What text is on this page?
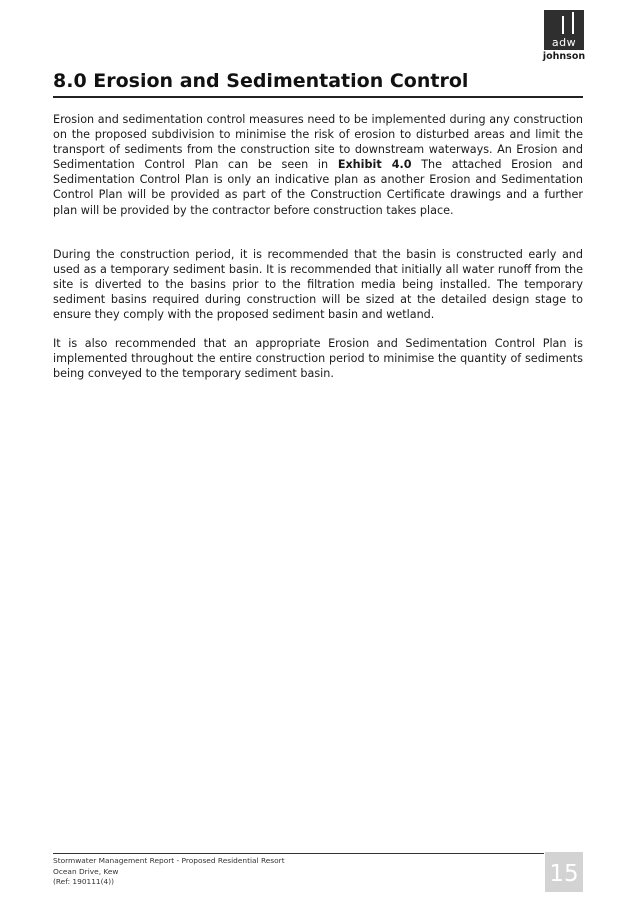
adw
johnson
8.0 Erosion and Sedimentation Control

Erosion and sedimentation control measures need to be implemented during any construction on the proposed subdivision to minimise the risk of erosion to disturbed areas and limit the transport of sediments from the construction site to downstream waterways. An Erosion and Sedimentation Control Plan can be seen in Exhibit 4.0 The attached Erosion and Sedimentation Control Plan is only an indicative plan as another Erosion and Sedimentation Control Plan will be provided as part of the Construction Certificate drawings and a further plan will be provided by the contractor before construction takes place.

During the construction period, it is recommended that the basin is constructed early and used as a temporary sediment basin. It is recommended that initially all water runoff from the site is diverted to the basins prior to the filtration media being installed. The temporary sediment basins required during construction will be sized at the detailed design stage to ensure they comply with the proposed sediment basin and wetland.

It is also recommended that an appropriate Erosion and Sedimentation Control Plan is implemented throughout the entire construction period to minimise the quantity of sediments being conveyed to the temporary sediment basin.

Stormwater Management Report - Proposed Residential Resort
Ocean Drive, Kew
(Ref: 190111(4))	15
